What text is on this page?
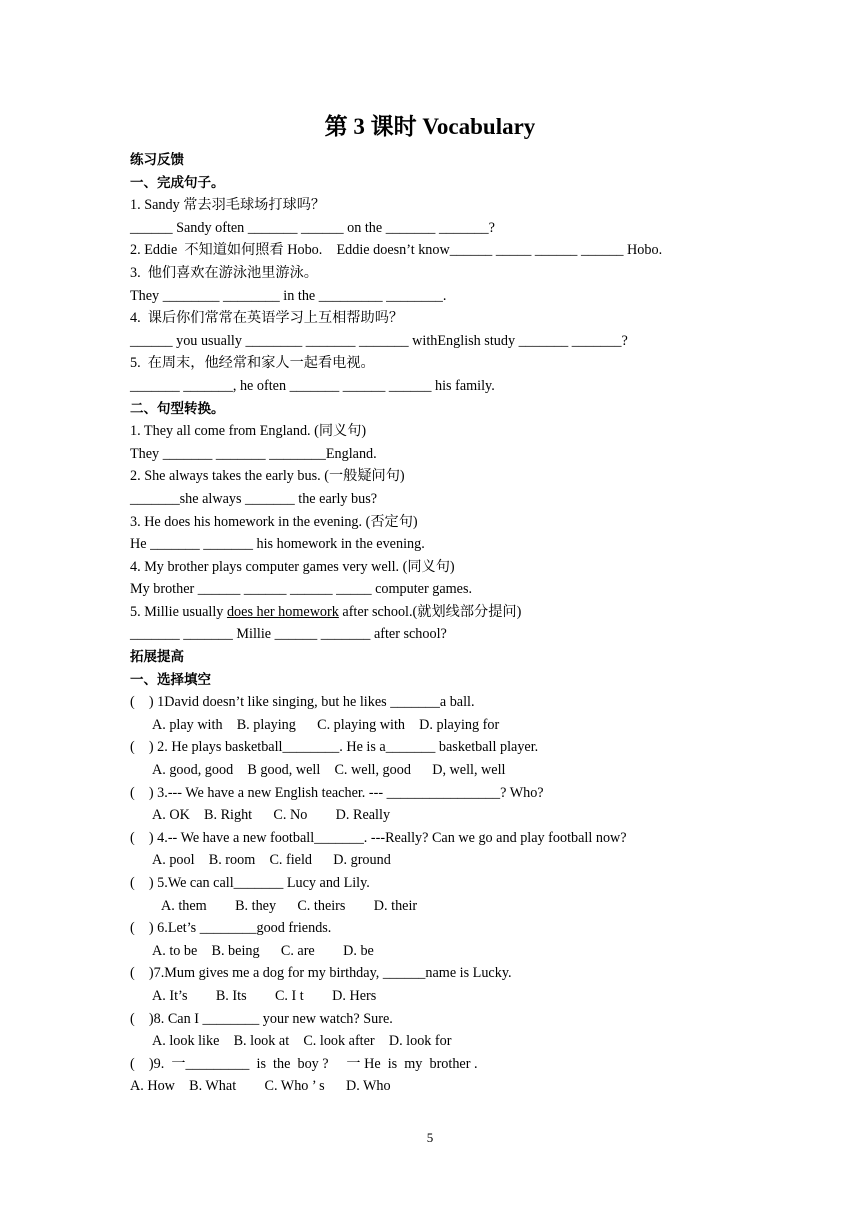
第 3 课时 Vocabulary
练习反馈
一、完成句子。
1. Sandy 常去羽毛球场打球吗？
______ Sandy often _______ ______ on the _______ _______?
2. Eddie  不知道如何照看 Hobo.    Eddie doesn’t know______ _____ ______ ______ Hobo.
3.  他们喜欢在游泳池里游泳。
They ________ ________ in the _________ ________.
4.  课后你们常常在英语学习上互相帮助吗？
______ you usually ________ _______ _______ withEnglish study _______ _______?
5.  在周末，他经常和家人一起看电视。
_______ _______, he often _______ ______ ______ his family.
二、句型转换。
1. They all come from England. (同义句)
They _______ _______ ________England.
2. She always takes the early bus. (一般疑问句)
_______she always _______ the early bus?
3. He does his homework in the evening. (否定句)
He _______ _______ his homework in the evening.
4. My brother plays computer games very well. (同义句)
My brother ______ ______ ______ _____ computer games.
5. Millie usually does her homework after school.(就划线部分提问)
_______ _______ Millie ______ _______ after school?
拓展提高
一、选择填空
(    ) 1David doesn’t like singing, but he likes _______a ball.
A. play with    B. playing      C. playing with    D. playing for
(    ) 2. He plays basketball________. He is a_______ basketball player.
A. good, good    B good, well    C. well, good      D, well, well
(    ) 3.--- We have a new English teacher. --- ________________? Who?
A. OK    B. Right      C. No        D. Really
(    ) 4.-- We have a new football_______. ---Really? Can we go and play football now?
A. pool    B. room    C. field      D. ground
(    ) 5.We can call_______ Lucy and Lily.
A. them        B. they      C. theirs        D. their
(    ) 6.Let’s ________good friends.
A. to be    B. being      C. are        D. be
(    )7.Mum gives me a dog for my birthday, ______name is Lucky.
A. It’s        B. Its        C. I t        D. Hers
(    )8. Can I ________ your new watch? Sure.
A. look like    B. look at    C. look after    D. look for
(    )9.  一_________  is  the  boy ?     一 He  is  my  brother .
A. How    B. What        C. Who ’ s      D. Who
5
